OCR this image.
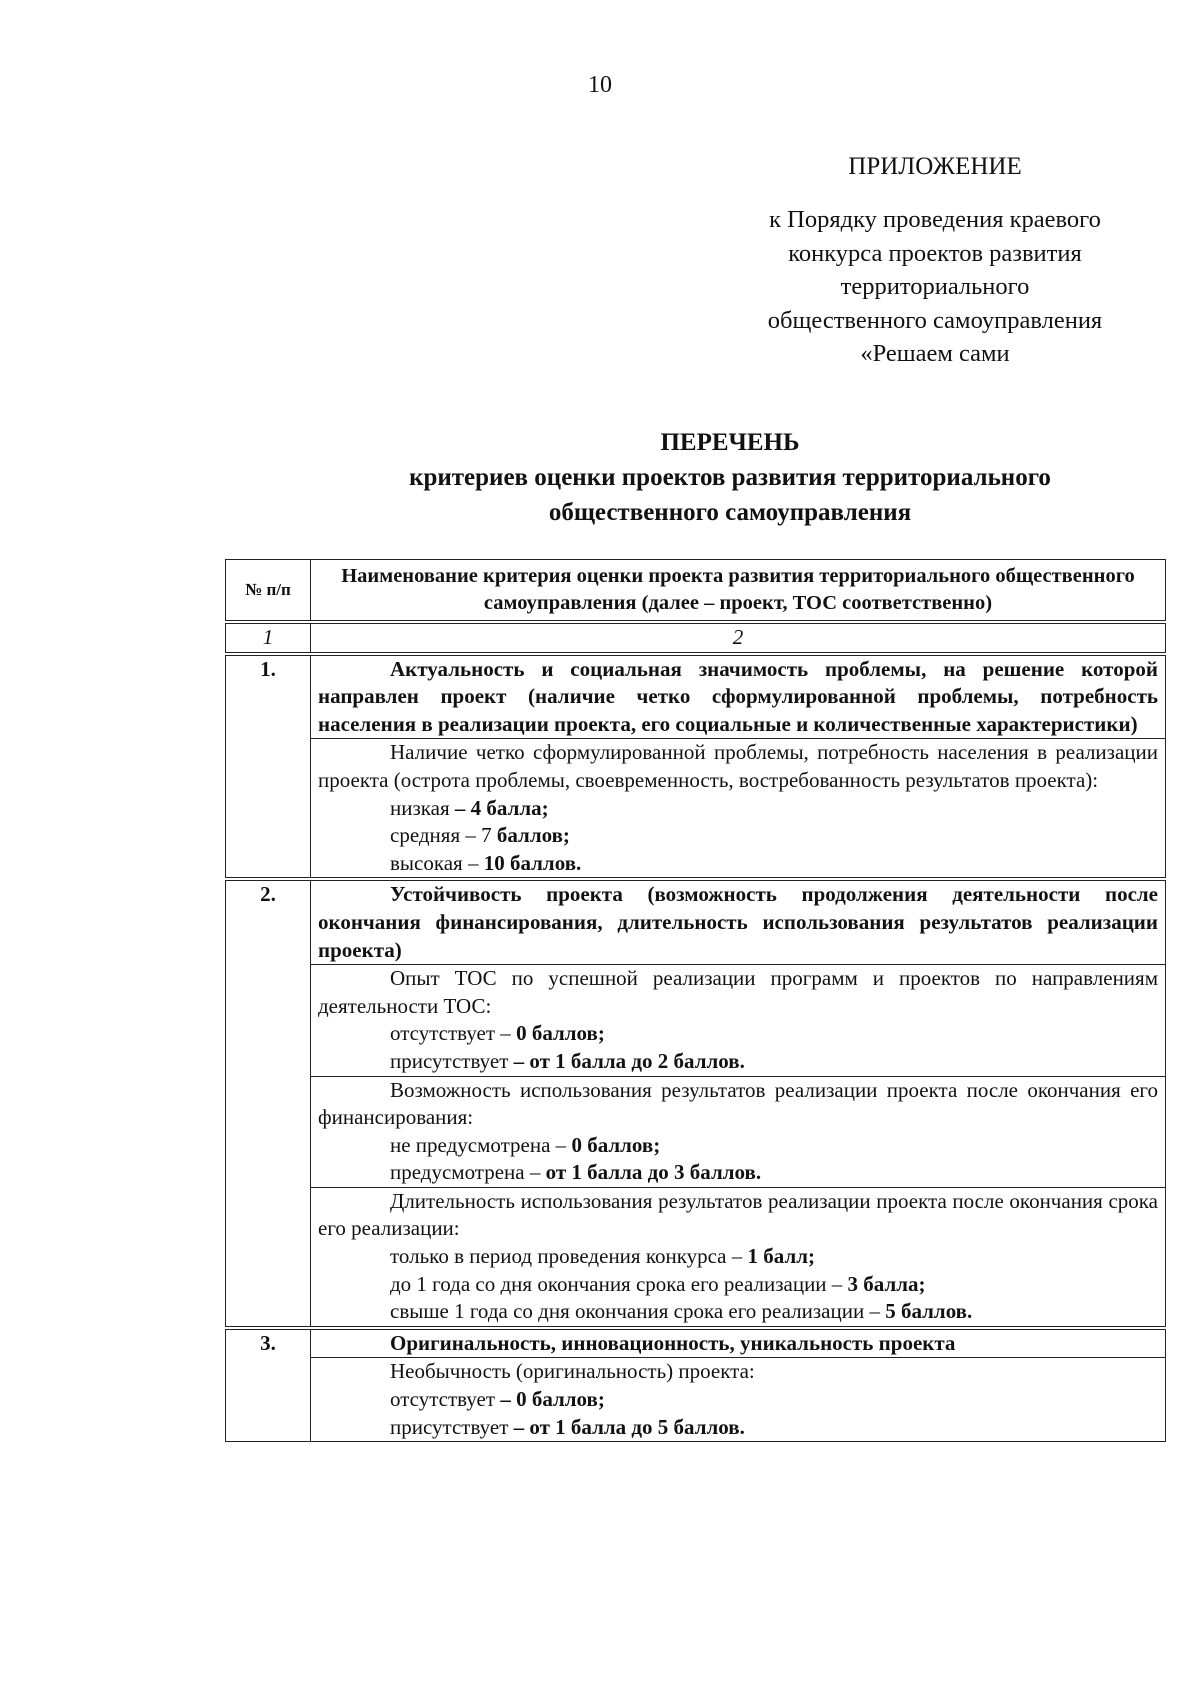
10
ПРИЛОЖЕНИЕ
к Порядку проведения краевого
конкурса проектов развития
территориального
общественного самоуправления
«Решаем сами
ПЕРЕЧЕНЬ
критериев оценки проектов развития территориального
общественного самоуправления
№ п/п	Наименование критерия оценки проекта развития территориального общественного самоуправления (далее – проект, ТОС соответственно)
1	2
1.	Актуальность и социальная значимость проблемы, на решение которой направлен проект (наличие четко сформулированной проблемы, потребность населения в реализации проекта, его социальные и количественные характеристики)

	Наличие четко сформулированной проблемы, потребность населения в реализации проекта (острота проблемы, своевременность, востребованность результатов проекта):
низкая – 4 балла;
средняя – 7 баллов;
высокая – 10 баллов.

2.	Устойчивость проекта (возможность продолжения деятельности после окончания финансирования, длительность использования результатов реализации проекта)

	Опыт ТОС по успешной реализации программ и проектов по направлениям деятельности ТОС:
отсутствует – 0 баллов;
присутствует – от 1 балла до 2 баллов.

	Возможность использования результатов реализации проекта после окончания его финансирования:
не предусмотрена – 0 баллов;
предусмотрена – от 1 балла до 3 баллов.

	Длительность использования результатов реализации проекта после окончания срока его реализации:
только в период проведения конкурса – 1 балл;
до 1 года со дня окончания срока его реализации – 3 балла;
свыше 1 года со дня окончания срока его реализации – 5 баллов.

3.	Оригинальность, инновационность, уникальность проекта

	Необычность (оригинальность) проекта:
отсутствует – 0 баллов;
присутствует – от 1 балла до 5 баллов.
